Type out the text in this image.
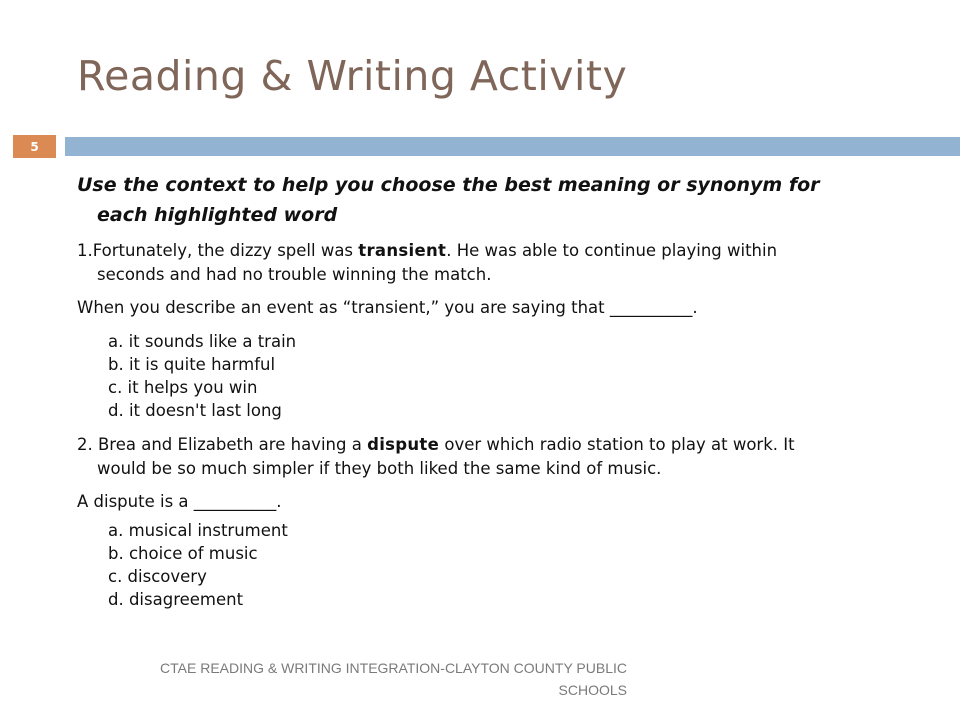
Reading & Writing Activity
5
Use the context to help you choose the best meaning or synonym for
each highlighted word
1.Fortunately, the dizzy spell was transient. He was able to continue playing within
seconds and had no trouble winning the match.
When you describe an event as “transient,” you are saying that __________.
a. it sounds like a train
b. it is quite harmful
c. it helps you win
d. it doesn't last long
2. Brea and Elizabeth are having a dispute over which radio station to play at work. It
would be so much simpler if they both liked the same kind of music.
A dispute is a __________.
a. musical instrument
b. choice of music
c. discovery
d. disagreement
CTAE READING & WRITING INTEGRATION-CLAYTON COUNTY PUBLIC
SCHOOLS
